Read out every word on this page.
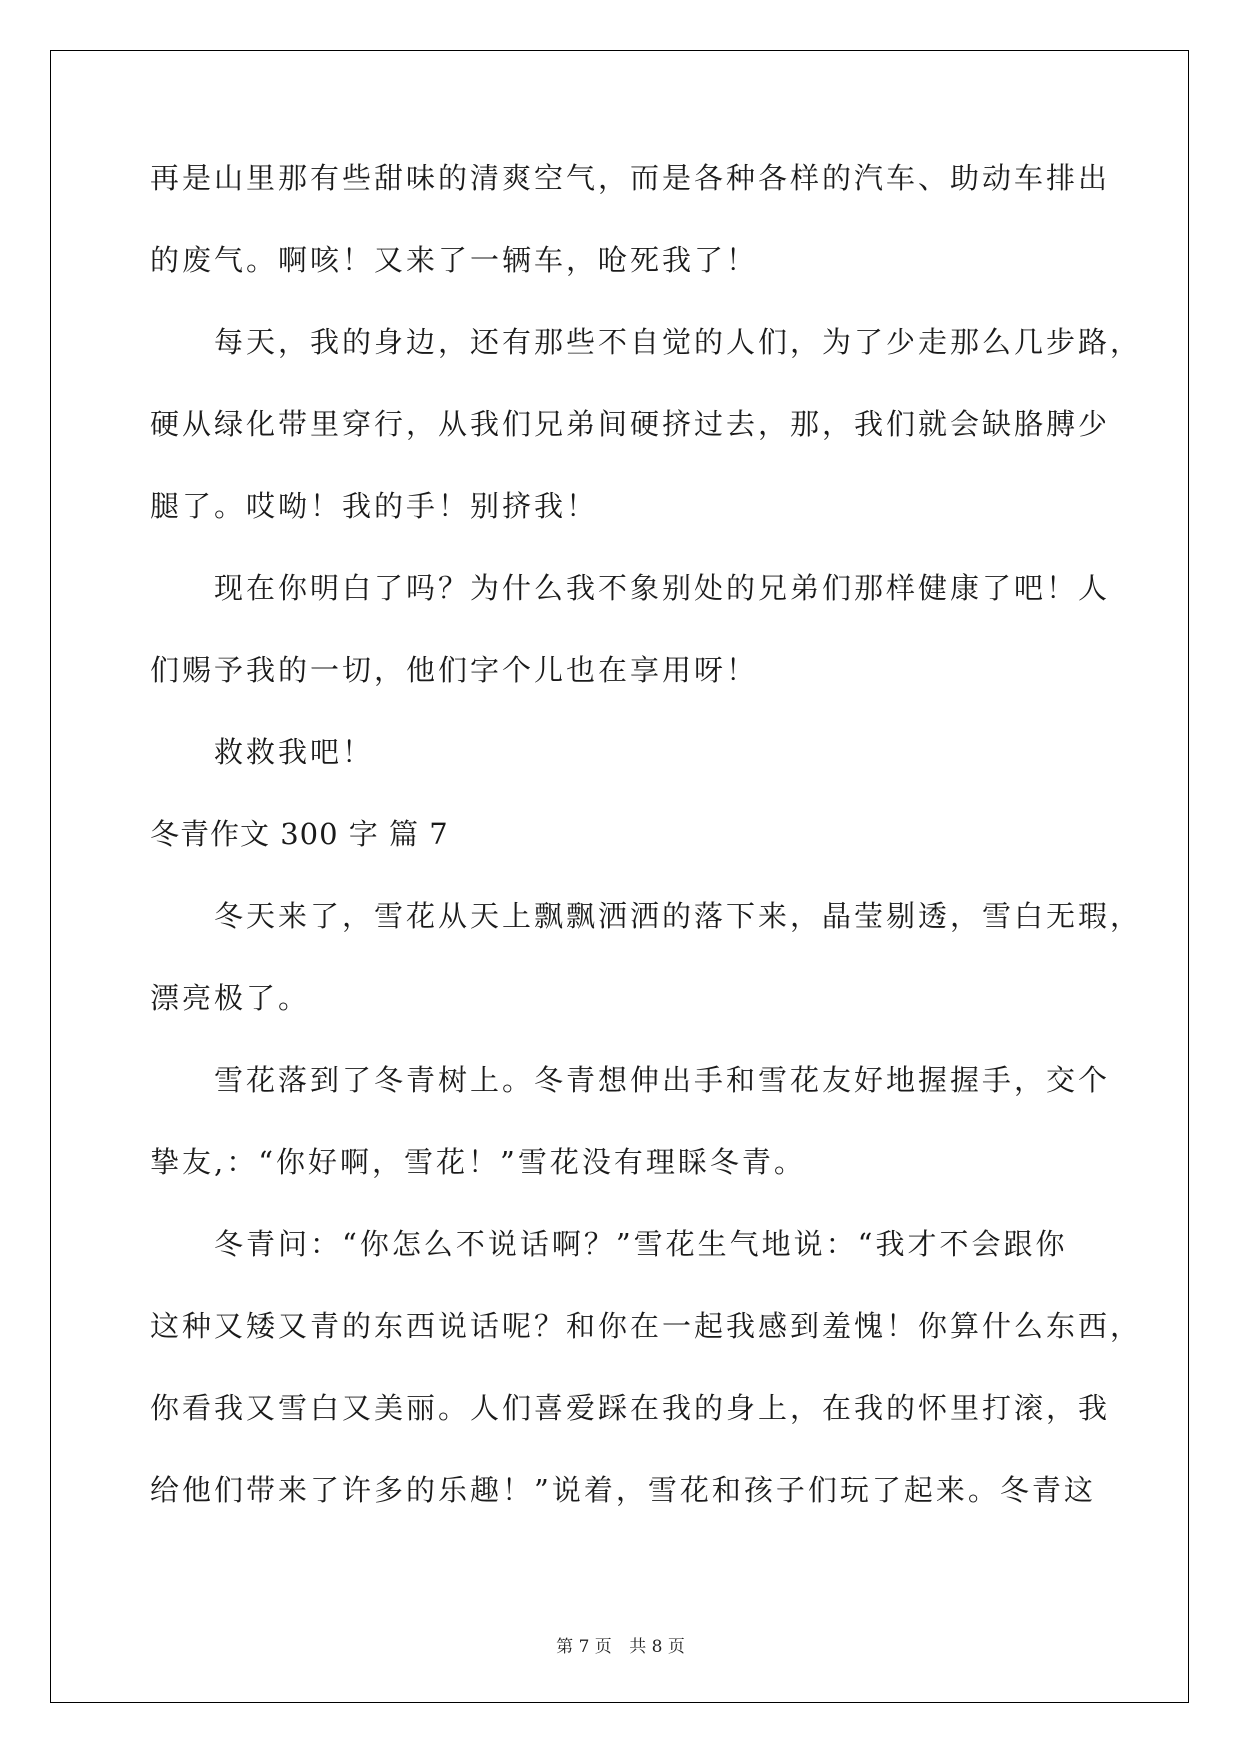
再是山里那有些甜味的清爽空气，而是各种各样的汽车、助动车排出
的废气。啊咳！又来了一辆车，呛死我了！
每天，我的身边，还有那些不自觉的人们，为了少走那么几步路，
硬从绿化带里穿行，从我们兄弟间硬挤过去，那，我们就会缺胳膊少
腿了。哎呦！我的手！别挤我！
现在你明白了吗？为什么我不象别处的兄弟们那样健康了吧！人
们赐予我的一切，他们字个儿也在享用呀！
救救我吧！
冬青作文 300 字 篇 7
冬天来了，雪花从天上飘飘洒洒的落下来，晶莹剔透，雪白无瑕，
漂亮极了。
雪花落到了冬青树上。冬青想伸出手和雪花友好地握握手，交个
挚友,：“你好啊，雪花！”雪花没有理睬冬青。
冬青问：“你怎么不说话啊？”雪花生气地说：“我才不会跟你
这种又矮又青的东西说话呢？和你在一起我感到羞愧！你算什么东西，
你看我又雪白又美丽。人们喜爱踩在我的身上，在我的怀里打滚，我
给他们带来了许多的乐趣！”说着，雪花和孩子们玩了起来。冬青这
第 7 页 共 8 页
